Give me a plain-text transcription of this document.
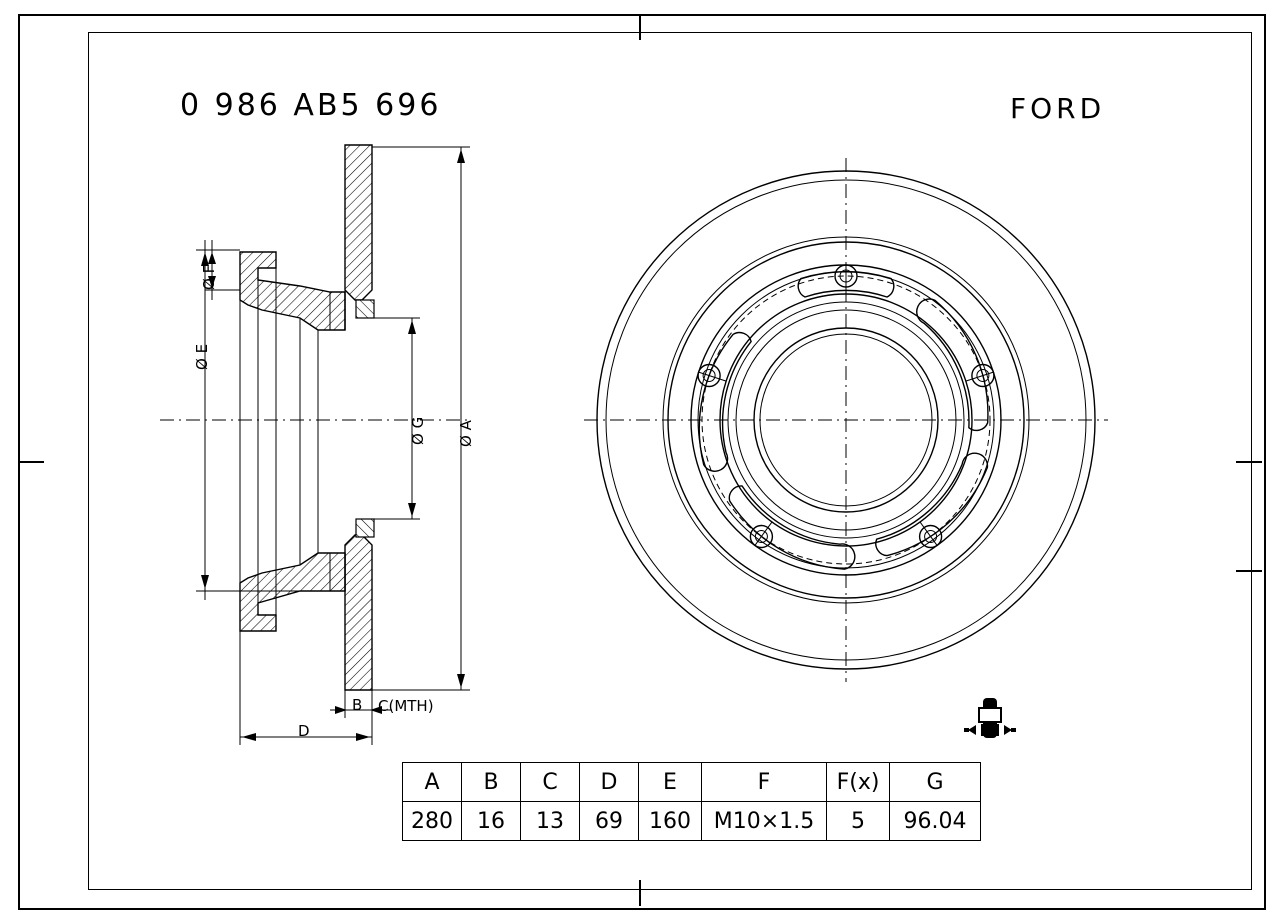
0 986 AB5 696	FORD
Ø F
Ø E
Ø G Ø A
B C(MTH)
D
A	B	C	D	E	F	F(x)	G
280	16	13	69	160	M10×1.5	5	96.04
